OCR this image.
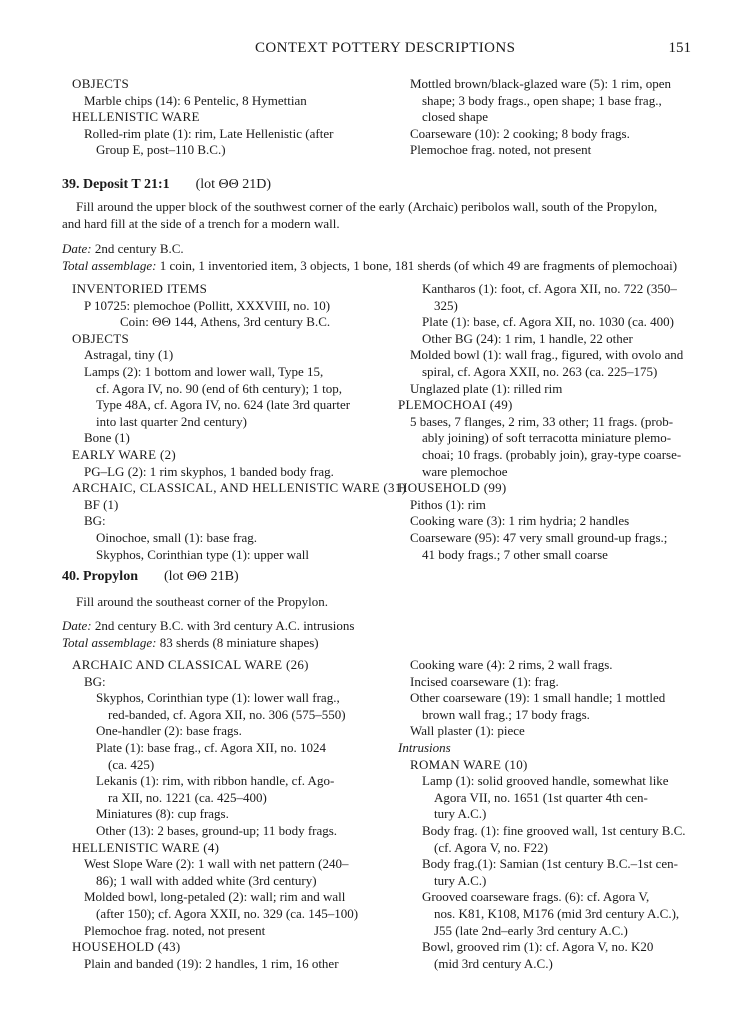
CONTEXT POTTERY DESCRIPTIONS	151
OBJECTS
Marble chips (14): 6 Pentelic, 8 Hymettian
HELLENISTIC WARE
Rolled-rim plate (1): rim, Late Hellenistic (after
Group E, post–110 B.C.)
Mottled brown/black-glazed ware (5): 1 rim, open
shape; 3 body frags., open shape; 1 base frag.,
closed shape
Coarseware (10): 2 cooking; 8 body frags.
Plemochoe frag. noted, not present
39. Deposit T 21:1 (lot ΘΘ 21D)
Fill around the upper block of the southwest corner of the early (Archaic) peribolos wall, south of the Propylon,
and hard fill at the side of a trench for a modern wall.
Date: 2nd century B.C.
Total assemblage: 1 coin, 1 inventoried item, 3 objects, 1 bone, 181 sherds (of which 49 are fragments of plemochoai)
INVENTORIED ITEMS
P 10725: plemochoe (Pollitt, XXXVIII, no. 10)
Coin: ΘΘ 144, Athens, 3rd century B.C.
OBJECTS
Astragal, tiny (1)
Lamps (2): 1 bottom and lower wall, Type 15,
cf. Agora IV, no. 90 (end of 6th century); 1 top,
Type 48A, cf. Agora IV, no. 624 (late 3rd quarter
into last quarter 2nd century)
Bone (1)
EARLY WARE (2)
PG–LG (2): 1 rim skyphos, 1 banded body frag.
ARCHAIC, CLASSICAL, AND HELLENISTIC WARE (31)
BF (1)
BG:
Oinochoe, small (1): base frag.
Skyphos, Corinthian type (1): upper wall
Kantharos (1): foot, cf. Agora XII, no. 722 (350–
325)
Plate (1): base, cf. Agora XII, no. 1030 (ca. 400)
Other BG (24): 1 rim, 1 handle, 22 other
Molded bowl (1): wall frag., figured, with ovolo and
spiral, cf. Agora XXII, no. 263 (ca. 225–175)
Unglazed plate (1): rilled rim
PLEMOCHOAI (49)
5 bases, 7 flanges, 2 rim, 33 other; 11 frags. (prob-
ably joining) of soft terracotta miniature plemo-
choai; 10 frags. (probably join), gray-type coarse-
ware plemochoe
HOUSEHOLD (99)
Pithos (1): rim
Cooking ware (3): 1 rim hydria; 2 handles
Coarseware (95): 47 very small ground-up frags.;
41 body frags.; 7 other small coarse
40. Propylon (lot ΘΘ 21B)
Fill around the southeast corner of the Propylon.
Date: 2nd century B.C. with 3rd century A.C. intrusions
Total assemblage: 83 sherds (8 miniature shapes)
ARCHAIC AND CLASSICAL WARE (26)
BG:
Skyphos, Corinthian type (1): lower wall frag.,
red-banded, cf. Agora XII, no. 306 (575–550)
One-handler (2): base frags.
Plate (1): base frag., cf. Agora XII, no. 1024
(ca. 425)
Lekanis (1): rim, with ribbon handle, cf. Ago-
ra XII, no. 1221 (ca. 425–400)
Miniatures (8): cup frags.
Other (13): 2 bases, ground-up; 11 body frags.
HELLENISTIC WARE (4)
West Slope Ware (2): 1 wall with net pattern (240–
86); 1 wall with added white (3rd century)
Molded bowl, long-petaled (2): wall; rim and wall
(after 150); cf. Agora XXII, no. 329 (ca. 145–100)
Plemochoe frag. noted, not present
HOUSEHOLD (43)
Plain and banded (19): 2 handles, 1 rim, 16 other
Cooking ware (4): 2 rims, 2 wall frags.
Incised coarseware (1): frag.
Other coarseware (19): 1 small handle; 1 mottled
brown wall frag.; 17 body frags.
Wall plaster (1): piece
Intrusions
ROMAN WARE (10)
Lamp (1): solid grooved handle, somewhat like
Agora VII, no. 1651 (1st quarter 4th cen-
tury A.C.)
Body frag. (1): fine grooved wall, 1st century B.C.
(cf. Agora V, no. F22)
Body frag.(1): Samian (1st century B.C.–1st cen-
tury A.C.)
Grooved coarseware frags. (6): cf. Agora V,
nos. K81, K108, M176 (mid 3rd century A.C.),
J55 (late 2nd–early 3rd century A.C.)
Bowl, grooved rim (1): cf. Agora V, no. K20
(mid 3rd century A.C.)
